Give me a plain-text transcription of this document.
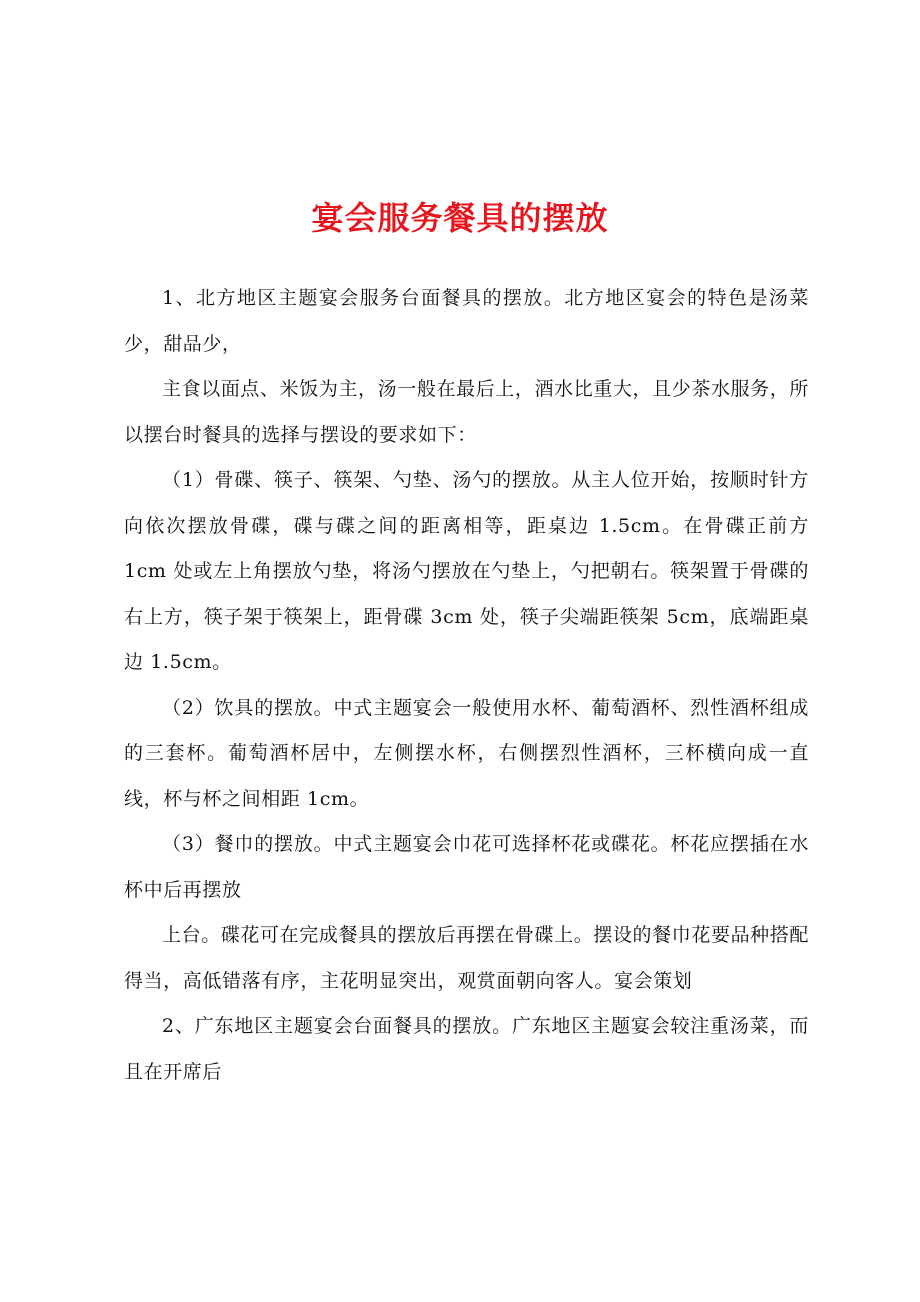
宴会服务餐具的摆放

1、北方地区主题宴会服务台面餐具的摆放。北方地区宴会的特色是汤菜少，甜品少，

主食以面点、米饭为主，汤一般在最后上，酒水比重大，且少茶水服务，所以摆台时餐具的选择与摆设的要求如下：

（1）骨碟、筷子、筷架、勺垫、汤勺的摆放。从主人位开始，按顺时针方向依次摆放骨碟，碟与碟之间的距离相等，距桌边 1.5cm。在骨碟正前方 1cm 处或左上角摆放勺垫，将汤勺摆放在勺垫上，勺把朝右。筷架置于骨碟的右上方，筷子架于筷架上，距骨碟 3cm 处，筷子尖端距筷架 5cm，底端距桌边 1.5cm。

（2）饮具的摆放。中式主题宴会一般使用水杯、葡萄酒杯、烈性酒杯组成的三套杯。葡萄酒杯居中，左侧摆水杯，右侧摆烈性酒杯，三杯横向成一直线，杯与杯之间相距 1cm。

（3）餐巾的摆放。中式主题宴会巾花可选择杯花或碟花。杯花应摆插在水杯中后再摆放

上台。碟花可在完成餐具的摆放后再摆在骨碟上。摆设的餐巾花要品种搭配得当，高低错落有序，主花明显突出，观赏面朝向客人。宴会策划

2、广东地区主题宴会台面餐具的摆放。广东地区主题宴会较注重汤菜，而且在开席后
